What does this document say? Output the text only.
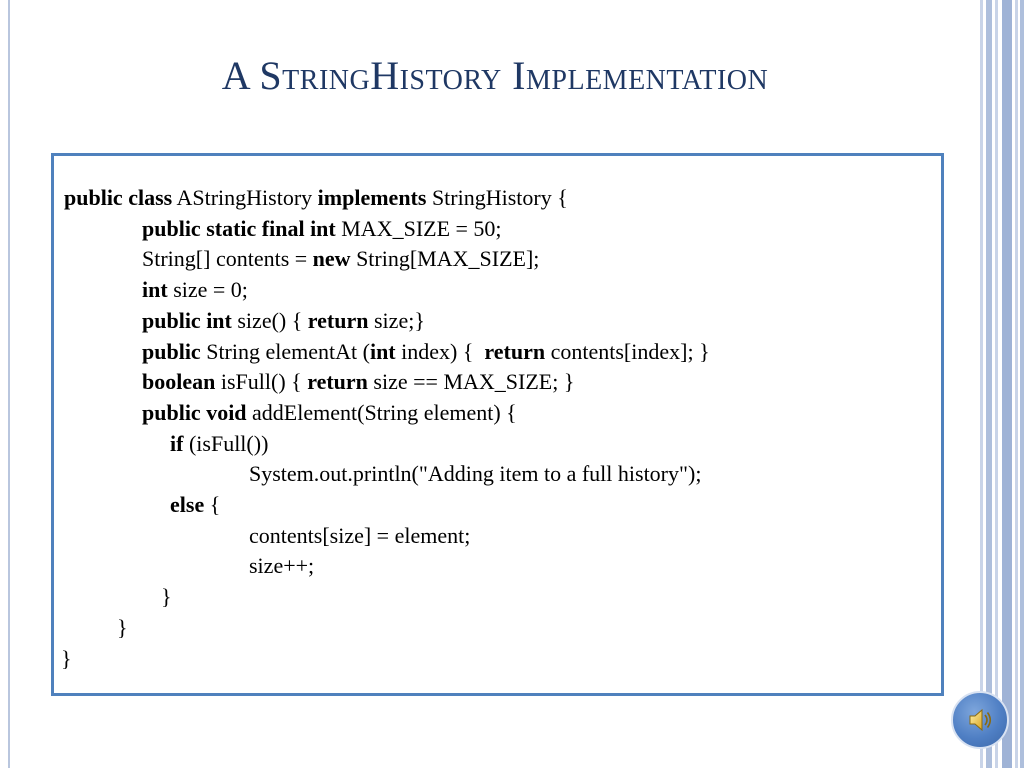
A StringHistory Implementation
public class AStringHistory implements StringHistory {
public static final int MAX_SIZE = 50;
String[] contents = new String[MAX_SIZE];
int size = 0;
public int size() { return size;}
public String elementAt (int index) {  return contents[index]; }
boolean isFull() { return size == MAX_SIZE; }
public void addElement(String element) {
if (isFull())
System.out.println("Adding item to a full history");
else {
contents[size] = element;
size++;
}
}
}
